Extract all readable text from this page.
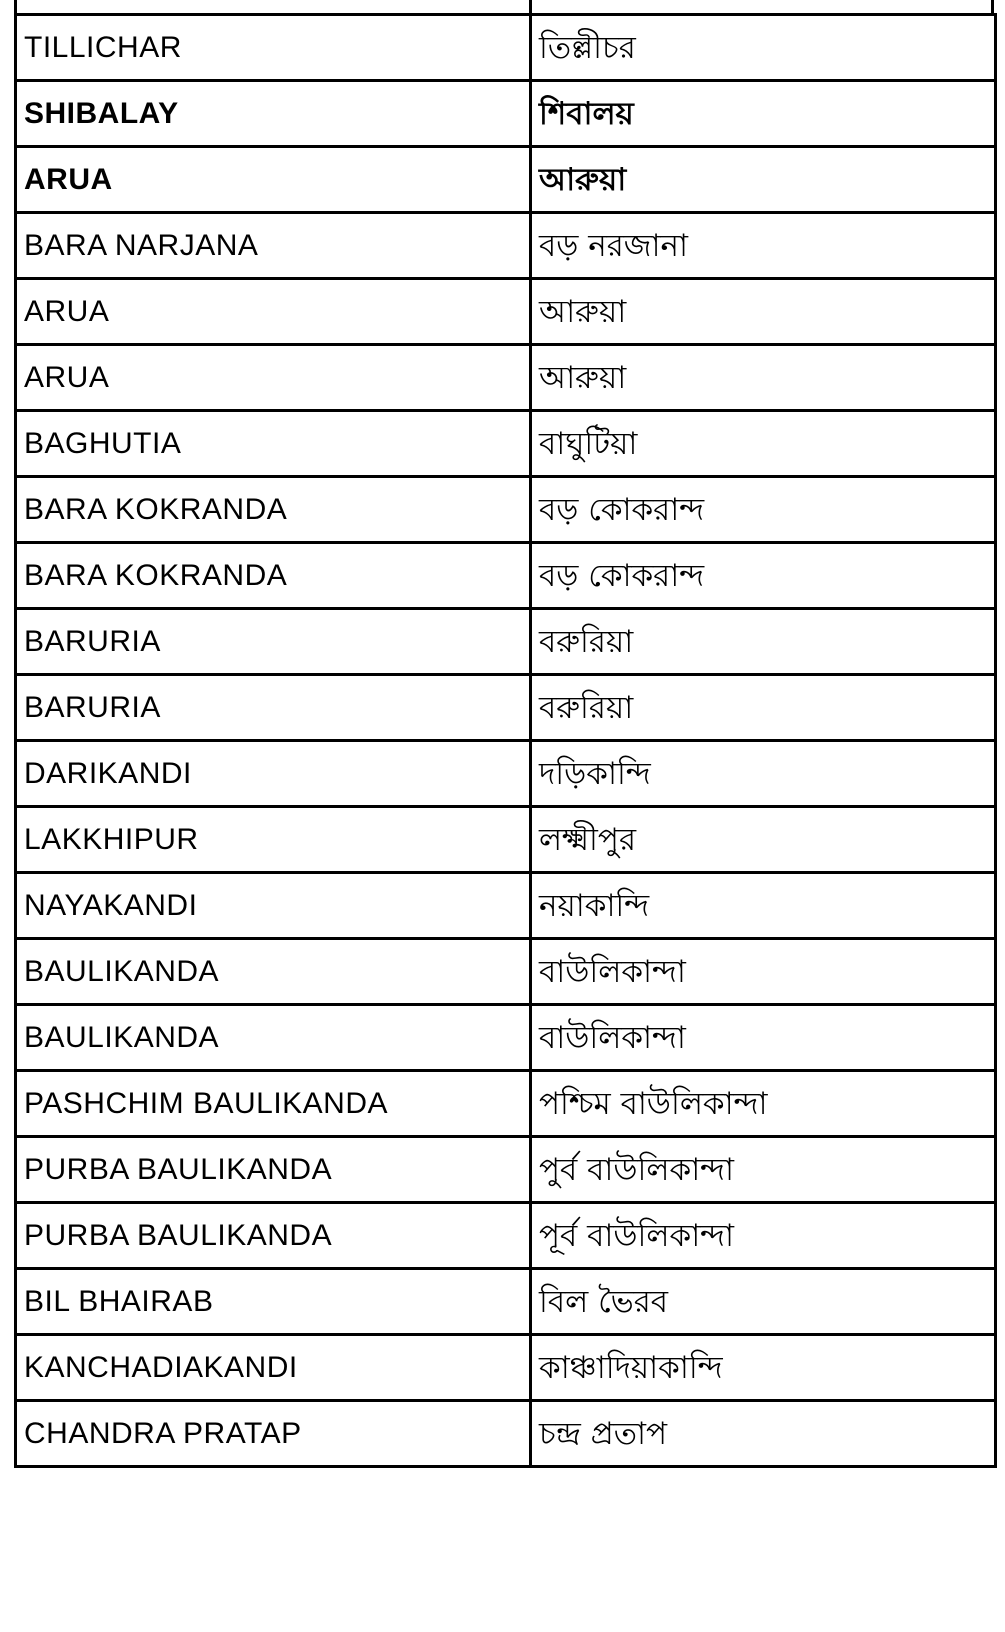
TILLICHAR	তিল্লীচর
SHIBALAY	শিবালয়
ARUA	আরুয়া
BARA NARJANA	বড় নরজানা
ARUA	আরুয়া
ARUA	আরুয়া
BAGHUTIA	বাঘুটিয়া
BARA KOKRANDA	বড় কোকরান্দ
BARA KOKRANDA	বড় কোকরান্দ
BARURIA	বরুরিয়া
BARURIA	বরুরিয়া
DARIKANDI	দড়িকান্দি
LAKKHIPUR	লক্ষ্মীপুর
NAYAKANDI	নয়াকান্দি
BAULIKANDA	বাউলিকান্দা
BAULIKANDA	বাউলিকান্দা
PASHCHIM BAULIKANDA	পশ্চিম বাউলিকান্দা
PURBA BAULIKANDA	পুর্ব বাউলিকান্দা
PURBA BAULIKANDA	পূর্ব বাউলিকান্দা
BIL BHAIRAB	বিল ভৈরব
KANCHADIAKANDI	কাঞ্চাদিয়াকান্দি
CHANDRA PRATAP	চন্দ্র প্রতাপ
